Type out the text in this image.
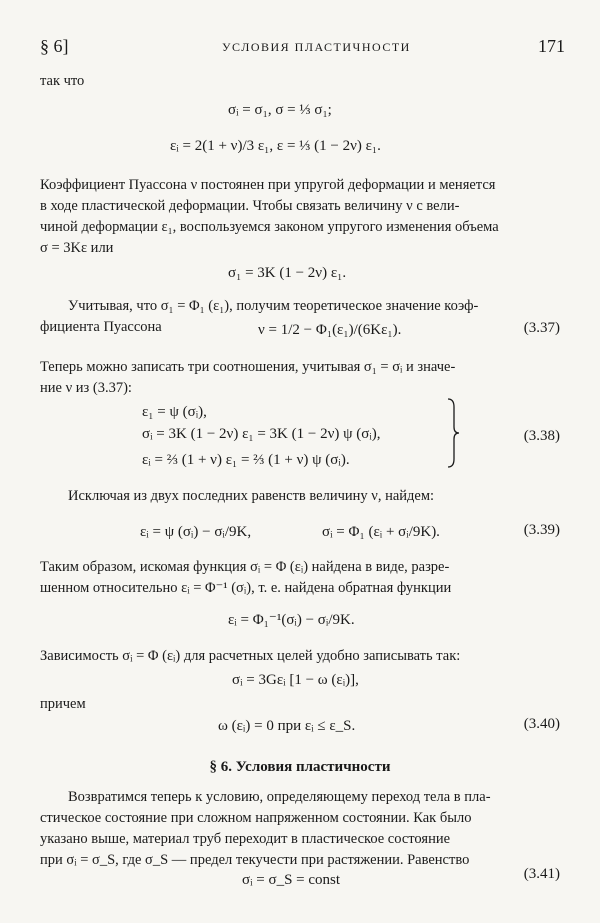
§ 6]	УСЛОВИЯ ПЛАСТИЧНОСТИ	171
так что
σᵢ = σ₁, σ = ⅓ σ₁;
εᵢ = 2(1 + ν)/3 ε₁, ε = ⅓ (1 − 2ν) ε₁.
Коэффициент Пуассона ν постоянен при упругой деформации и меняется
в ходе пластической деформации. Чтобы связать величину ν с вели-
чиной деформации ε₁, воспользуемся законом упругого изменения объема
σ = 3Kε или
σ₁ = 3K (1 − 2ν) ε₁.
Учитывая, что σ₁ = Φ₁ (ε₁), получим теоретическое значение коэф-
фициента Пуассона	ν = 1/2 − Φ₁(ε₁)/(6Kε₁).	(3.37)
Теперь можно записать три соотношения, учитывая σ₁ = σᵢ и значе-
ние ν из (3.37):
ε₁ = ψ (σᵢ),
σᵢ = 3K (1 − 2ν) ε₁ = 3K (1 − 2ν) ψ (σᵢ),
εᵢ = ⅔ (1 + ν) ε₁ = ⅔ (1 + ν) ψ (σᵢ).
(3.38)
Исключая из двух последних равенств величину ν, найдем:
εᵢ = ψ (σᵢ) − σᵢ/9K,	σᵢ = Φ₁ (εᵢ + σᵢ/9K).	(3.39)
Таким образом, искомая функция σᵢ = Φ (εᵢ) найдена в виде, разре-
шенном относительно εᵢ = Φ⁻¹ (σᵢ), т. е. найдена обратная функции
εᵢ = Φ₁⁻¹(σᵢ) − σᵢ/9K.
Зависимость σᵢ = Φ (εᵢ) для расчетных целей удобно записывать так:
σᵢ = 3Gεᵢ [1 − ω (εᵢ)],
причем
ω (εᵢ) = 0 при εᵢ ≤ ε_S.	(3.40)
§ 6. Условия пластичности
Возвратимся теперь к условию, определяющему переход тела в пла-
стическое состояние при сложном напряженном состоянии. Как было
указано выше, материал труб переходит в пластическое состояние
при σᵢ = σ_S, где σ_S — предел текучести при растяжении. Равенство
σᵢ = σ_S = const	(3.41)
